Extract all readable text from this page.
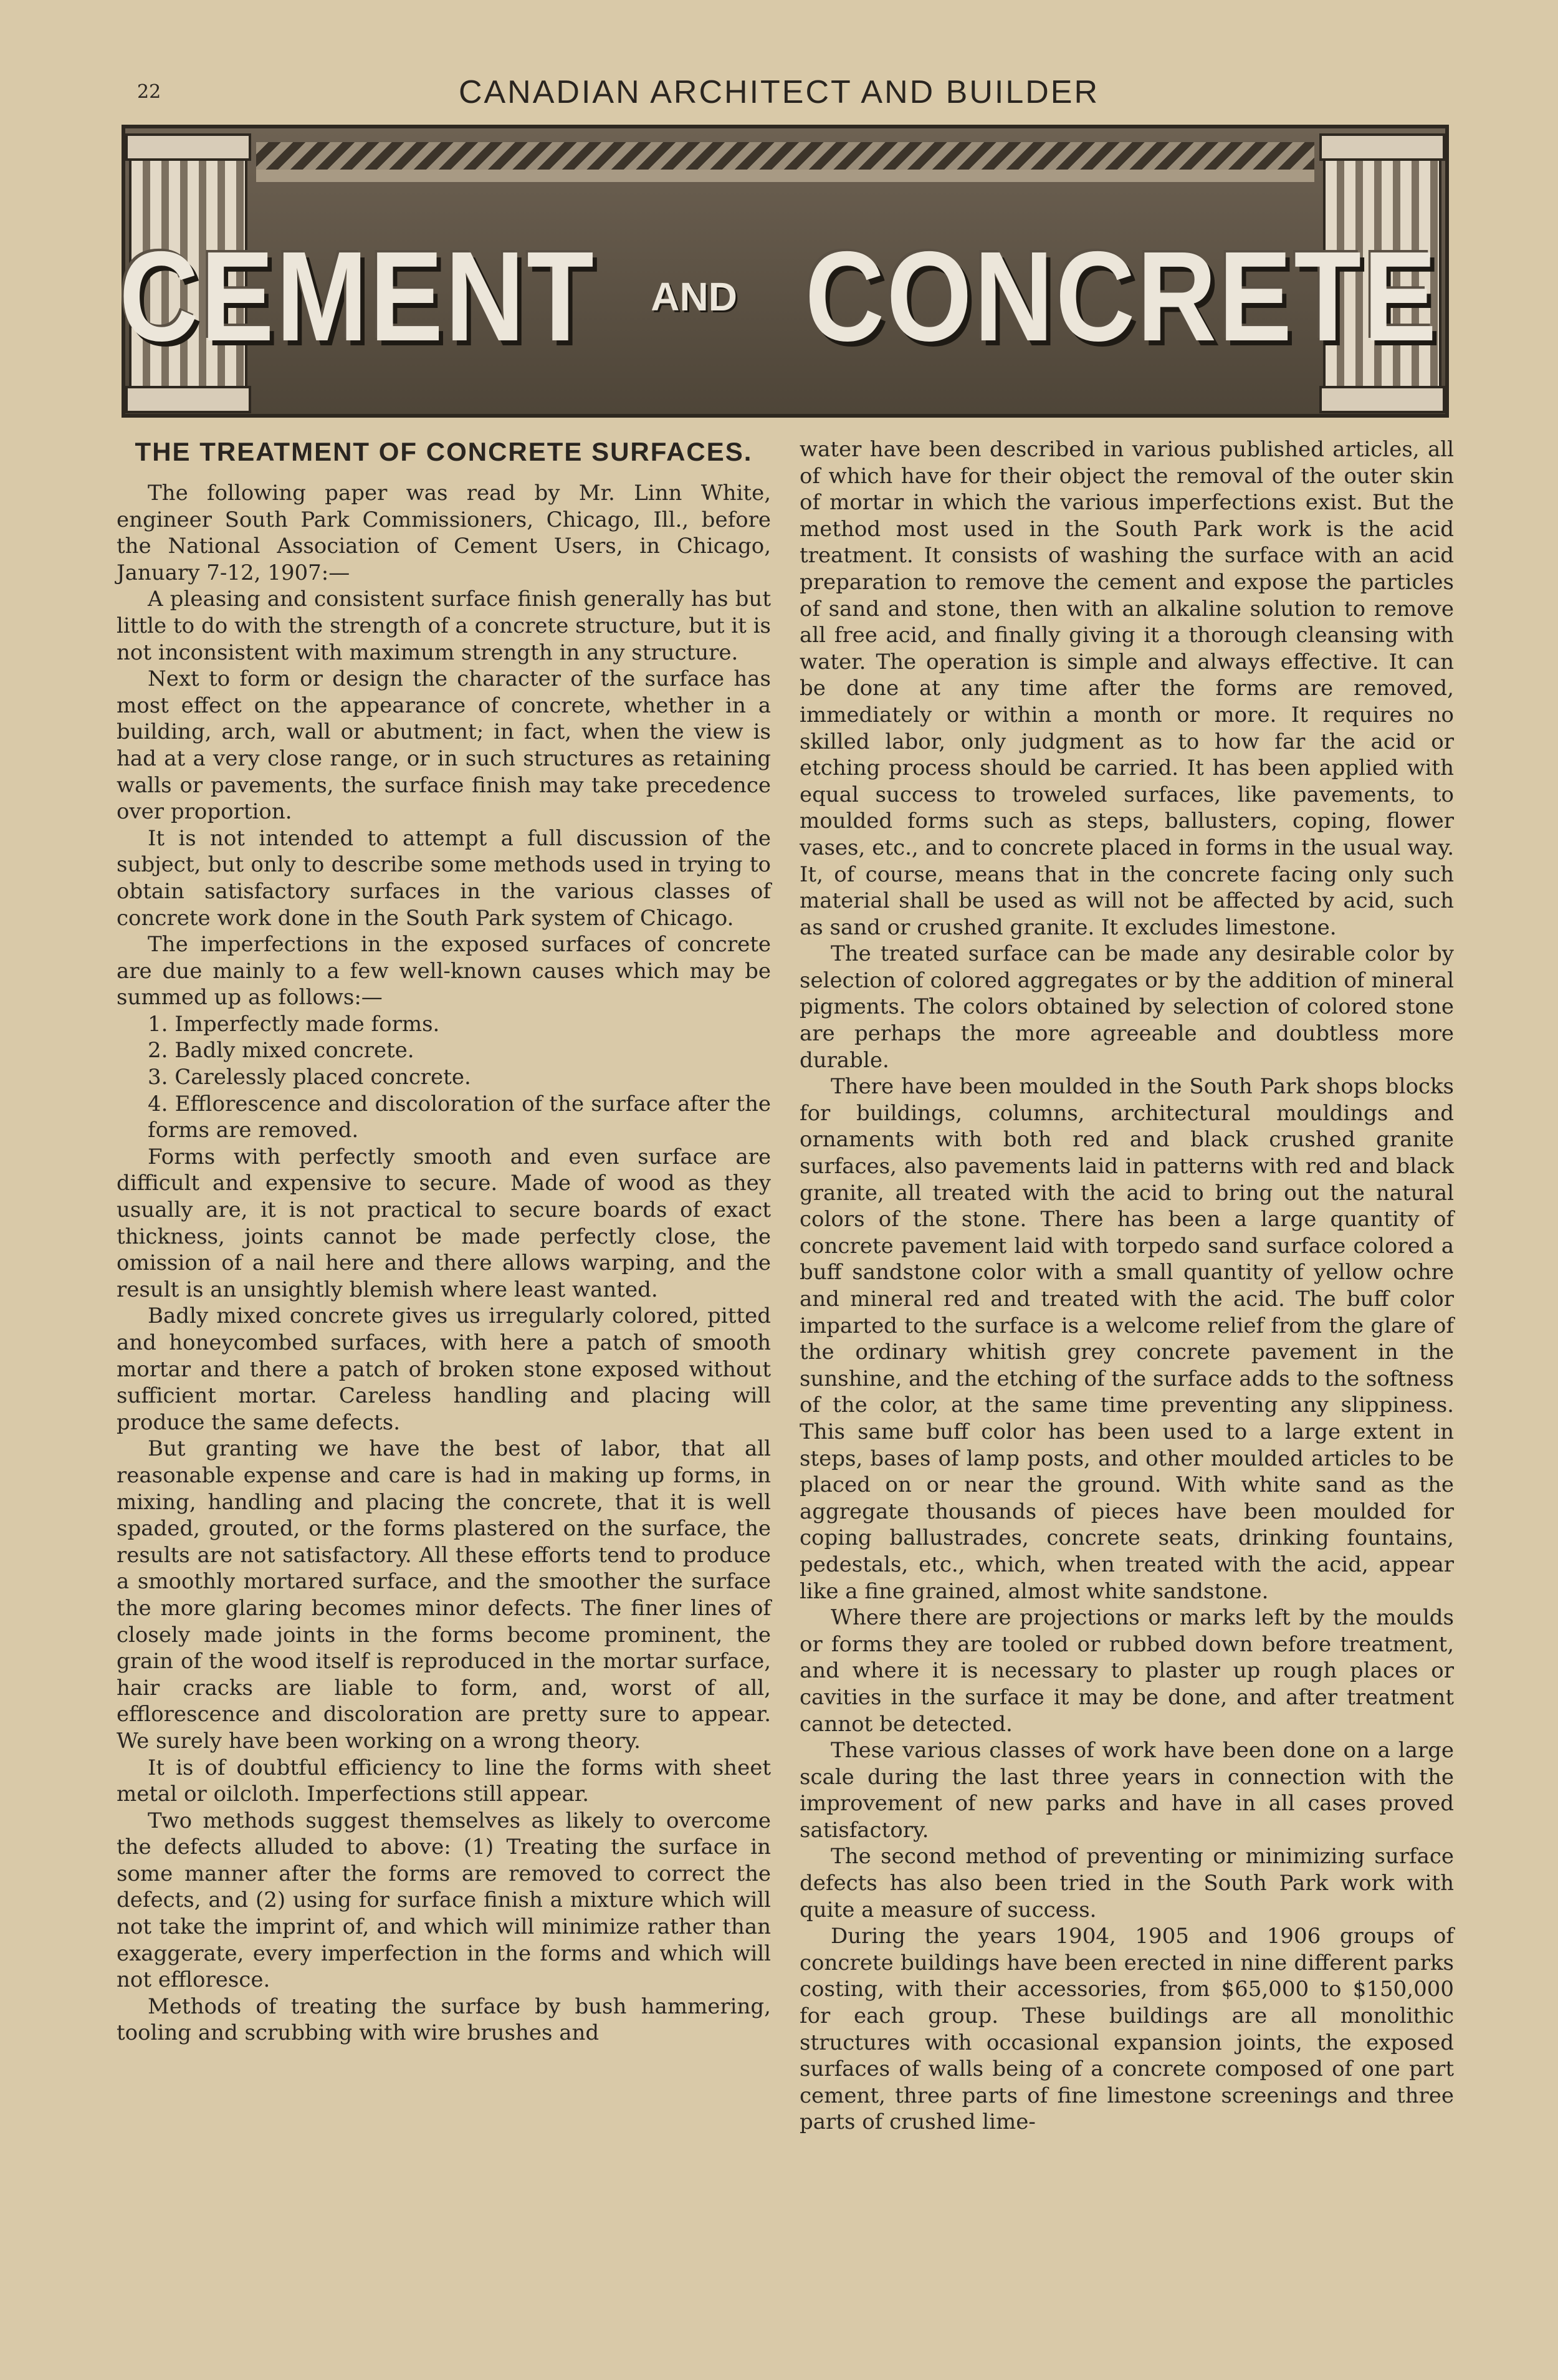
22	CANADIAN ARCHITECT AND BUILDER
CEMENT AND CONCRETE
THE TREATMENT OF CONCRETE SURFACES.

The following paper was read by Mr. Linn White, engineer South Park Commissioners, Chicago, Ill., before the National Association of Cement Users, in Chicago, January 7-12, 1907:—

A pleasing and consistent surface finish generally has but little to do with the strength of a concrete structure, but it is not inconsistent with maximum strength in any structure.

Next to form or design the character of the surface has most effect on the appearance of concrete, whether in a building, arch, wall or abutment; in fact, when the view is had at a very close range, or in such structures as retaining walls or pavements, the surface finish may take precedence over proportion.

It is not intended to attempt a full discussion of the subject, but only to describe some methods used in trying to obtain satisfactory surfaces in the various classes of concrete work done in the South Park system of Chicago.

The imperfections in the exposed surfaces of concrete are due mainly to a few well-known causes which may be summed up as follows:—

1. Imperfectly made forms.

2. Badly mixed concrete.

3. Carelessly placed concrete.

4. Efflorescence and discoloration of the surface after the forms are removed.

Forms with perfectly smooth and even surface are difficult and expensive to secure. Made of wood as they usually are, it is not practical to secure boards of exact thickness, joints cannot be made perfectly close, the omission of a nail here and there allows warping, and the result is an unsightly blemish where least wanted.

Badly mixed concrete gives us irregularly colored, pitted and honeycombed surfaces, with here a patch of smooth mortar and there a patch of broken stone exposed without sufficient mortar. Careless handling and placing will produce the same defects.

But granting we have the best of labor, that all reasonable expense and care is had in making up forms, in mixing, handling and placing the concrete, that it is well spaded, grouted, or the forms plastered on the surface, the results are not satisfactory. All these efforts tend to produce a smoothly mortared surface, and the smoother the surface the more glaring becomes minor defects. The finer lines of closely made joints in the forms become prominent, the grain of the wood itself is reproduced in the mortar surface, hair cracks are liable to form, and, worst of all, efflorescence and discoloration are pretty sure to appear. We surely have been working on a wrong theory.

It is of doubtful efficiency to line the forms with sheet metal or oilcloth. Imperfections still appear.

Two methods suggest themselves as likely to overcome the defects alluded to above: (1) Treating the surface in some manner after the forms are removed to correct the defects, and (2) using for surface finish a mixture which will not take the imprint of, and which will minimize rather than exaggerate, every imperfection in the forms and which will not effloresce.

Methods of treating the surface by bush hammering, tooling and scrubbing with wire brushes and

water have been described in various published articles, all of which have for their object the removal of the outer skin of mortar in which the various imperfections exist. But the method most used in the South Park work is the acid treatment. It consists of washing the surface with an acid preparation to remove the cement and expose the particles of sand and stone, then with an alkaline solution to remove all free acid, and finally giving it a thorough cleansing with water. The operation is simple and always effective. It can be done at any time after the forms are removed, immediately or within a month or more. It requires no skilled labor, only judgment as to how far the acid or etching process should be carried. It has been applied with equal success to troweled surfaces, like pavements, to moulded forms such as steps, ballusters, coping, flower vases, etc., and to concrete placed in forms in the usual way. It, of course, means that in the concrete facing only such material shall be used as will not be affected by acid, such as sand or crushed granite. It excludes limestone.

The treated surface can be made any desirable color by selection of colored aggregates or by the addition of mineral pigments. The colors obtained by selection of colored stone are perhaps the more agreeable and doubtless more durable.

There have been moulded in the South Park shops blocks for buildings, columns, architectural mouldings and ornaments with both red and black crushed granite surfaces, also pavements laid in patterns with red and black granite, all treated with the acid to bring out the natural colors of the stone. There has been a large quantity of concrete pavement laid with torpedo sand surface colored a buff sandstone color with a small quantity of yellow ochre and mineral red and treated with the acid. The buff color imparted to the surface is a welcome relief from the glare of the ordinary whitish grey concrete pavement in the sunshine, and the etching of the surface adds to the softness of the color, at the same time preventing any slippiness. This same buff color has been used to a large extent in steps, bases of lamp posts, and other moulded articles to be placed on or near the ground. With white sand as the aggregate thousands of pieces have been moulded for coping ballustrades, concrete seats, drinking fountains, pedestals, etc., which, when treated with the acid, appear like a fine grained, almost white sandstone.

Where there are projections or marks left by the moulds or forms they are tooled or rubbed down before treatment, and where it is necessary to plaster up rough places or cavities in the surface it may be done, and after treatment cannot be detected.

These various classes of work have been done on a large scale during the last three years in connection with the improvement of new parks and have in all cases proved satisfactory.

The second method of preventing or minimizing surface defects has also been tried in the South Park work with quite a measure of success.

During the years 1904, 1905 and 1906 groups of concrete buildings have been erected in nine different parks costing, with their accessories, from $65,000 to $150,000 for each group. These buildings are all monolithic structures with occasional expansion joints, the exposed surfaces of walls being of a concrete composed of one part cement, three parts of fine limestone screenings and three parts of crushed lime-
